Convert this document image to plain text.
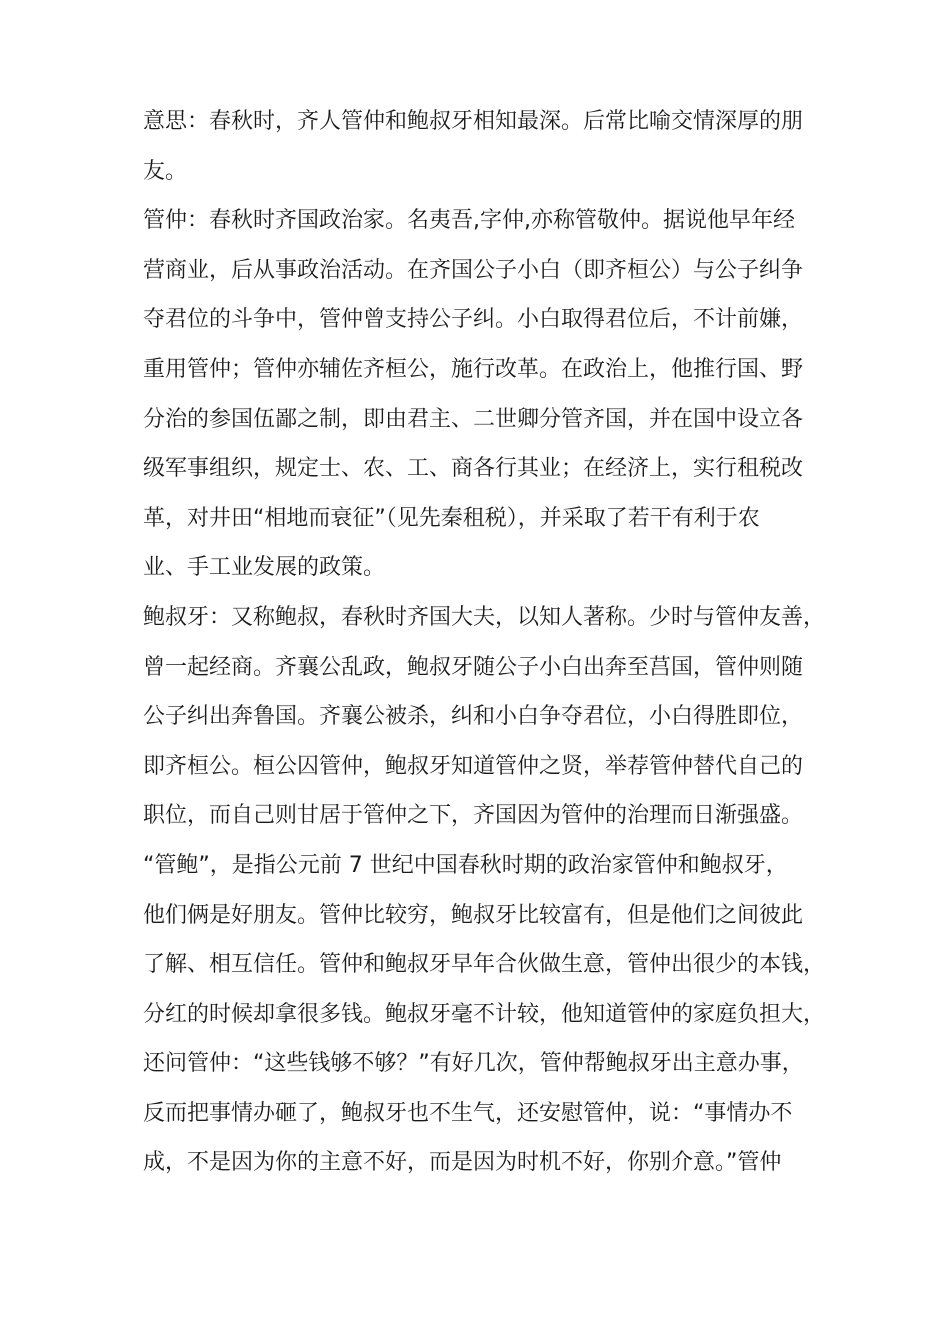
意思：春秋时，齐人管仲和鲍叔牙相知最深。后常比喻交情深厚的朋
友。
管仲：春秋时齐国政治家。名夷吾,字仲,亦称管敬仲。据说他早年经
营商业，后从事政治活动。在齐国公子小白（即齐桓公）与公子纠争
夺君位的斗争中，管仲曾支持公子纠。小白取得君位后，不计前嫌，
重用管仲；管仲亦辅佐齐桓公，施行改革。在政治上，他推行国、野
分治的参国伍鄙之制，即由君主、二世卿分管齐国，并在国中设立各
级军事组织，规定士、农、工、商各行其业；在经济上，实行租税改
革，对井田“相地而衰征”（见先秦租税），并采取了若干有利于农
业、手工业发展的政策。
鲍叔牙：又称鲍叔，春秋时齐国大夫，以知人著称。少时与管仲友善，
曾一起经商。齐襄公乱政，鲍叔牙随公子小白出奔至莒国，管仲则随
公子纠出奔鲁国。齐襄公被杀，纠和小白争夺君位，小白得胜即位，
即齐桓公。桓公囚管仲，鲍叔牙知道管仲之贤，举荐管仲替代自己的
职位，而自己则甘居于管仲之下，齐国因为管仲的治理而日渐强盛。
“管鲍”，是指公元前 7 世纪中国春秋时期的政治家管仲和鲍叔牙，
他们俩是好朋友。管仲比较穷，鲍叔牙比较富有，但是他们之间彼此
了解、相互信任。管仲和鲍叔牙早年合伙做生意，管仲出很少的本钱，
分红的时候却拿很多钱。鲍叔牙毫不计较，他知道管仲的家庭负担大，
还问管仲：“这些钱够不够？”有好几次，管仲帮鲍叔牙出主意办事，
反而把事情办砸了，鲍叔牙也不生气，还安慰管仲，说：“事情办不
成，不是因为你的主意不好，而是因为时机不好，你别介意。”管仲
